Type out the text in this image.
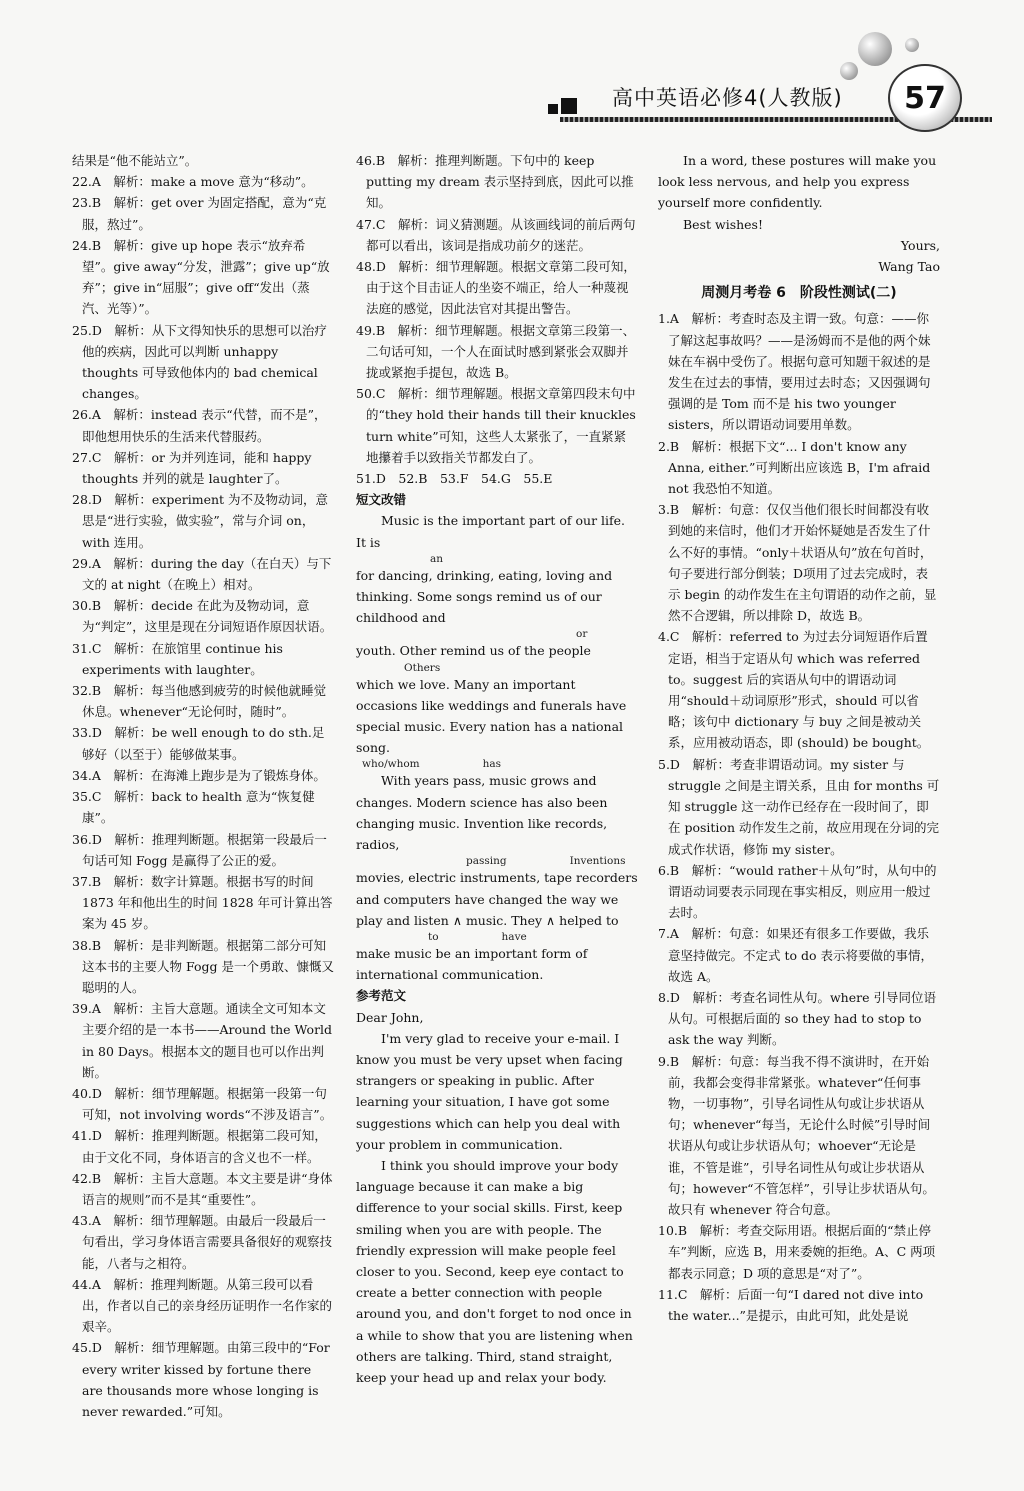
高中英语必修4(人教版)	57

结果是“他不能站立”。

22.A　解析：make a move 意为“移动”。

23.B　解析：get over 为固定搭配，意为“克服，熬过”。

24.B　解析：give up hope 表示“放弃希望”。give away“分发，泄露”；give up“放弃”；give in“屈服”；give off“发出（蒸汽、光等）”。

25.D　解析：从下文得知快乐的思想可以治疗他的疾病，因此可以判断 unhappy thoughts 可导致他体内的 bad chemical changes。

26.A　解析：instead 表示“代替，而不是”，即他想用快乐的生活来代替服药。

27.C　解析：or 为并列连词，能和 happy thoughts 并列的就是 laughter了。

28.D　解析：experiment 为不及物动词，意思是“进行实验，做实验”，常与介词 on，with 连用。

29.A　解析：during the day（在白天）与下文的 at night（在晚上）相对。

30.B　解析：decide 在此为及物动词，意为“判定”，这里是现在分词短语作原因状语。

31.C　解析：在旅馆里 continue his experiments with laughter。

32.B　解析：每当他感到疲劳的时候他就睡觉休息。whenever“无论何时，随时”。

33.D　解析：be well enough to do sth.足够好（以至于）能够做某事。

34.A　解析：在海滩上跑步是为了锻炼身体。

35.C　解析：back to health 意为“恢复健康”。

36.D　解析：推理判断题。根据第一段最后一句话可知 Fogg 是赢得了公正的爱。

37.B　解析：数字计算题。根据书写的时间 1873 年和他出生的时间 1828 年可计算出答案为 45 岁。

38.B　解析：是非判断题。根据第二部分可知这本书的主要人物 Fogg 是一个勇敢、慷慨又聪明的人。

39.A　解析：主旨大意题。通读全文可知本文主要介绍的是一本书——Around the World in 80 Days。根据本文的题目也可以作出判断。

40.D　解析：细节理解题。根据第一段第一句可知，not involving words“不涉及语言”。

41.D　解析：推理判断题。根据第二段可知，由于文化不同，身体语言的含义也不一样。

42.B　解析：主旨大意题。本文主要是讲“身体语言的规则”而不是其“重要性”。

43.A　解析：细节理解题。由最后一段最后一句看出，学习身体语言需要具备很好的观察技能，八者与之相符。

44.A　解析：推理判断题。从第三段可以看出，作者以自己的亲身经历证明作一名作家的艰辛。

45.D　解析：细节理解题。由第三段中的“For every writer kissed by fortune there are thousands more whose longing is never rewarded.”可知。

46.B　解析：推理判断题。下句中的 keep putting my dream 表示坚持到底，因此可以推知。

47.C　解析：词义猜测题。从该画线词的前后两句都可以看出，该词是指成功前夕的迷茫。

48.D　解析：细节理解题。根据文章第二段可知，由于这个目击证人的坐姿不端正，给人一种蔑视法庭的感觉，因此法官对其提出警告。

49.B　解析：细节理解题。根据文章第三段第一、二句话可知，一个人在面试时感到紧张会双脚并拢或紧抱手提包，故选 B。

50.C　解析：细节理解题。根据文章第四段末句中的“they hold their hands till their knuckles turn white”可知，这些人太紧张了，一直紧紧地攥着手以致指关节都发白了。

51.D　52.B　53.F　54.G　55.E

短文改错

Music is the important part of our life. It is

an

for dancing, drinking, eating, loving and thinking. Some songs remind us of our childhood and

or

youth. Other remind us of the people

Others

which we love. Many an important occasions like weddings and funerals have special music. Every nation has a national song.

who/whom　　　　　　has

With years pass, music grows and changes. Modern science has also been changing music. Invention like records, radios,

passing　　　　　　Inventions

movies, electric instruments, tape recorders and computers have changed the way we play and listen ∧ music. They ∧ helped to

to　　　　　　have

make music be an important form of international communication.

参考范文

Dear John,

I'm very glad to receive your e-mail. I know you must be very upset when facing strangers or speaking in public. After learning your situation, I have got some suggestions which can help you deal with your problem in communication.

I think you should improve your body language because it can make a big difference to your social skills. First, keep smiling when you are with people. The friendly expression will make people feel closer to you. Second, keep eye contact to create a better connection with people around you, and don't forget to nod once in a while to show that you are listening when others are talking. Third, stand straight, keep your head up and relax your body.

In a word, these postures will make you look less nervous, and help you express yourself more confidently.

Best wishes!

Yours,

Wang Tao

周测月考卷 6　阶段性测试(二)

1.A　解析：考查时态及主谓一致。句意：——你了解这起事故吗？——是汤姆而不是他的两个妹妹在车祸中受伤了。根据句意可知题干叙述的是发生在过去的事情，要用过去时态；又因强调句强调的是 Tom 而不是 his two younger sisters，所以谓语动词要用单数。

2.B　解析：根据下文“... I don't know any Anna, either.”可判断出应该选 B，I'm afraid not 我恐怕不知道。

3.B　解析：句意：仅仅当他们很长时间都没有收到她的来信时，他们才开始怀疑她是否发生了什么不好的事情。“only＋状语从句”放在句首时，句子要进行部分倒装；D项用了过去完成时，表示 begin 的动作发生在主句谓语的动作之前，显然不合逻辑，所以排除 D，故选 B。

4.C　解析：referred to 为过去分词短语作后置定语，相当于定语从句 which was referred to。suggest 后的宾语从句中的谓语动词用“should＋动词原形”形式，should 可以省略；该句中 dictionary 与 buy 之间是被动关系，应用被动语态，即 (should) be bought。

5.D　解析：考查非谓语动词。my sister 与 struggle 之间是主谓关系，且由 for months 可知 struggle 这一动作已经存在一段时间了，即在 position 动作发生之前，故应用现在分词的完成式作状语，修饰 my sister。

6.B　解析：“would rather＋从句”时，从句中的谓语动词要表示同现在事实相反，则应用一般过去时。

7.A　解析：句意：如果还有很多工作要做，我乐意坚持做完。不定式 to do 表示将要做的事情，故选 A。

8.D　解析：考查名词性从句。where 引导同位语从句。可根据后面的 so they had to stop to ask the way 判断。

9.B　解析：句意：每当我不得不演讲时，在开始前，我都会变得非常紧张。whatever“任何事物，一切事物”，引导名词性从句或让步状语从句；whenever“每当，无论什么时候”引导时间状语从句或让步状语从句；whoever“无论是谁，不管是谁”，引导名词性从句或让步状语从句；however“不管怎样”，引导让步状语从句。故只有 whenever 符合句意。

10.B　解析：考查交际用语。根据后面的“禁止停车”判断，应选 B，用来委婉的拒绝。A、C 两项都表示同意；D 项的意思是“对了”。

11.C　解析：后面一句“I dared not dive into the water...”是提示，由此可知，此处是说
